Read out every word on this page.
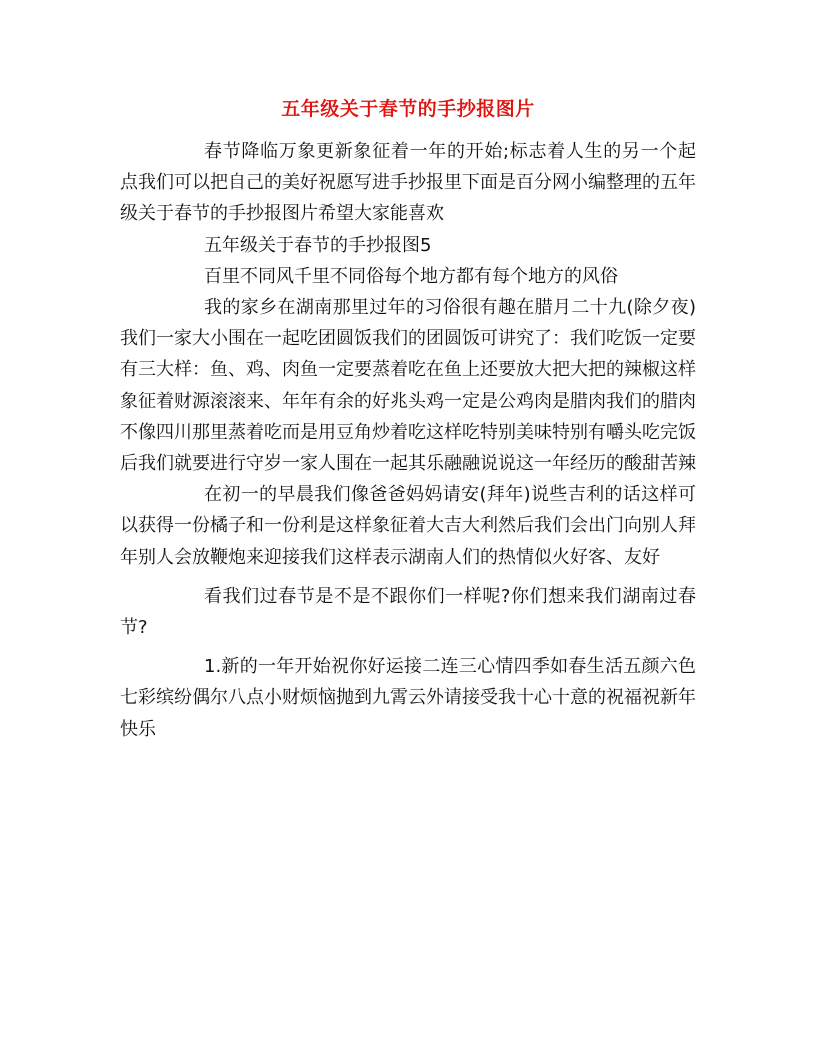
五年级关于春节的手抄报图片

春节降临万象更新象征着一年的开始;标志着人生的另一个起点我们可以把自己的美好祝愿写进手抄报里下面是百分网小编整理的五年级关于春节的手抄报图片希望大家能喜欢

五年级关于春节的手抄报图5

百里不同风千里不同俗每个地方都有每个地方的风俗

我的家乡在湖南那里过年的习俗很有趣在腊月二十九(除夕夜)我们一家大小围在一起吃团圆饭我们的团圆饭可讲究了：我们吃饭一定要有三大样：鱼、鸡、肉鱼一定要蒸着吃在鱼上还要放大把大把的辣椒这样象征着财源滚滚来、年年有余的好兆头鸡一定是公鸡肉是腊肉我们的腊肉不像四川那里蒸着吃而是用豆角炒着吃这样吃特别美味特别有嚼头吃完饭后我们就要进行守岁一家人围在一起其乐融融说说这一年经历的酸甜苦辣

在初一的早晨我们像爸爸妈妈请安(拜年)说些吉利的话这样可以获得一份橘子和一份利是这样象征着大吉大利然后我们会出门向别人拜年别人会放鞭炮来迎接我们这样表示湖南人们的热情似火好客、友好

看我们过春节是不是不跟你们一样呢?你们想来我们湖南过春节?

1.新的一年开始祝你好运接二连三心情四季如春生活五颜六色七彩缤纷偶尔八点小财烦恼抛到九霄云外请接受我十心十意的祝福祝新年快乐
